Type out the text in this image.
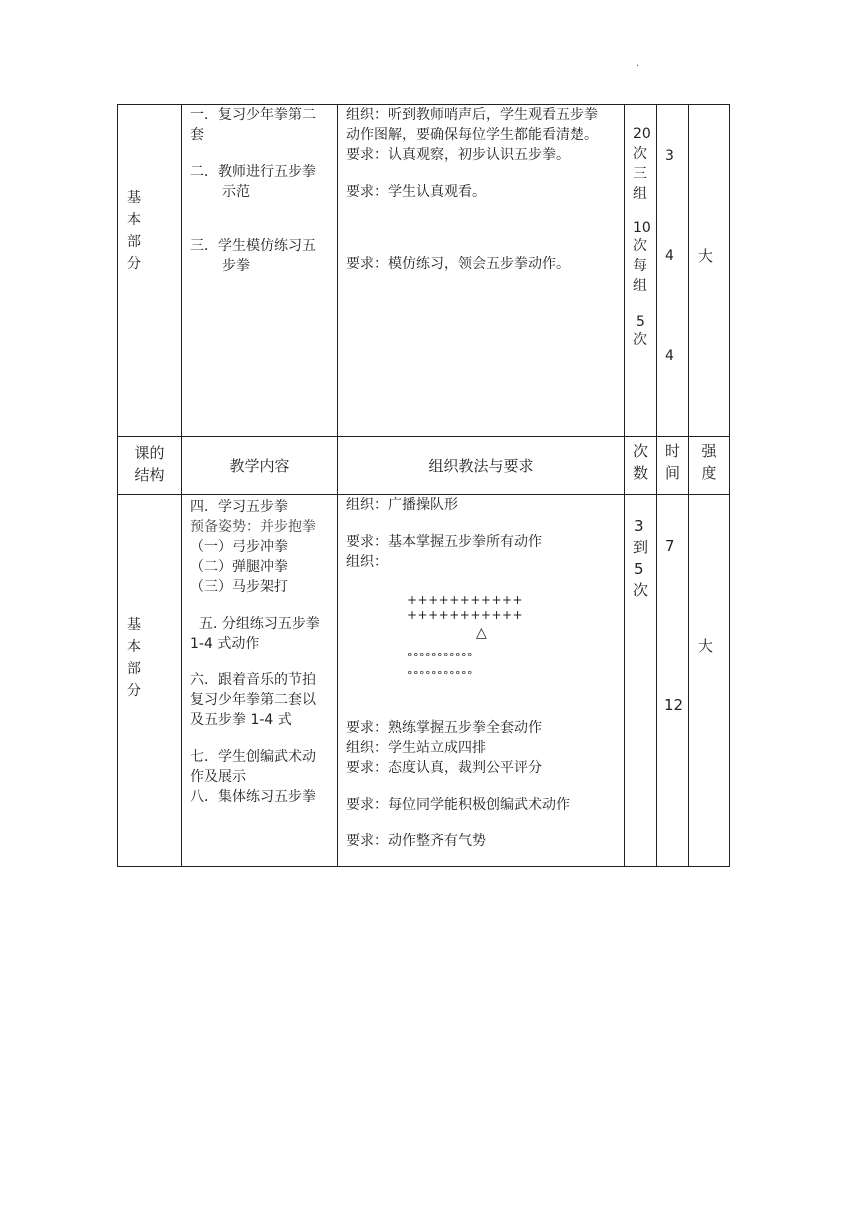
.
基
本
部
分
一．复习少年拳第二
套
二．教师进行五步拳
示范
三．学生模仿练习五
步拳
组织：听到教师哨声后，学生观看五步拳
动作图解，要确保每位学生都能看清楚。
要求：认真观察，初步认识五步拳。
要求：学生认真观看。
要求：模仿练习，领会五步拳动作。
20
次
三
组
10
次
每
组
5
次
3
4
4
大
课的
结构	教学内容	组织教法与要求
次
数
时
间
强
度
基
本
部
分
四．学习五步拳
预备姿势：并步抱拳
（一）弓步冲拳
（二）弹腿冲拳
（三）马步架打
五. 分组练习五步拳
1-4 式动作
六．跟着音乐的节拍
复习少年拳第二套以
及五步拳 1-4 式
七．学生创编武术动
作及展示
八．集体练习五步拳
组织：广播操队形
要求：基本掌握五步拳所有动作
组织：
+++++++++++
+++++++++++
△
°°°°°°°°°°°
°°°°°°°°°°°
要求：熟练掌握五步拳全套动作
组织：学生站立成四排
要求：态度认真，裁判公平评分
要求：每位同学能积极创编武术动作
要求：动作整齐有气势
3
到
5
次
7
12
大
